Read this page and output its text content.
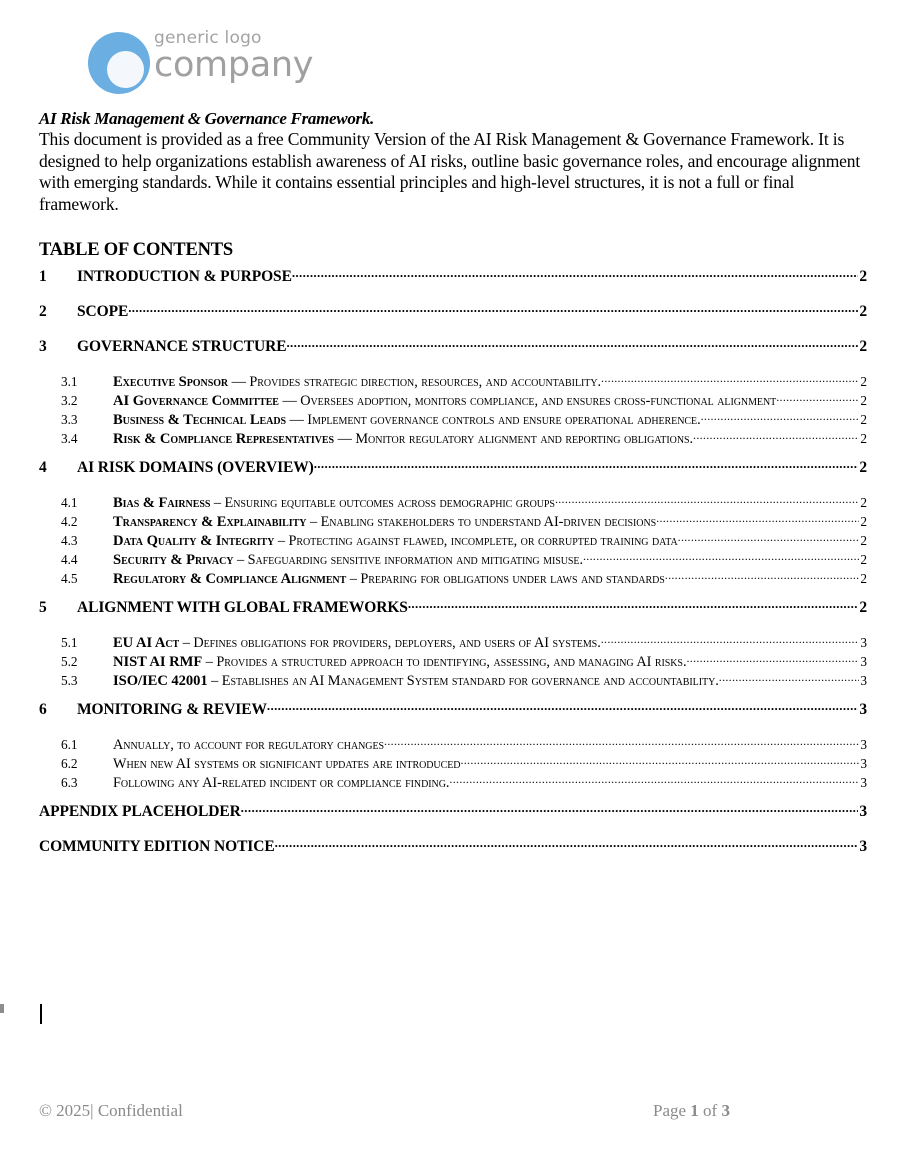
generic logo
company
AI Risk Management & Governance Framework.
This document is provided as a free Community Version of the AI Risk Management & Governance Framework. It is designed to help organizations establish awareness of AI risks, outline basic governance roles, and encourage alignment with emerging standards. While it contains essential principles and high-level structures, it is not a full or final framework.
TABLE OF CONTENTS
1	INTRODUCTION & PURPOSE .....	2
2	SCOPE .....	2
3	GOVERNANCE STRUCTURE .....	2
3.1	Executive Sponsor — Provides strategic direction, resources, and accountability. .....	2
3.2	AI Governance Committee — Oversees adoption, monitors compliance, and ensures cross-functional alignment .....	2
3.3	Business & Technical Leads — Implement governance controls and ensure operational adherence. .....	2
3.4	Risk & Compliance Representatives — Monitor regulatory alignment and reporting obligations. .....	2
4	AI RISK DOMAINS (OVERVIEW) .....	2
4.1	Bias & Fairness – Ensuring equitable outcomes across demographic groups .....	2
4.2	Transparency & Explainability – Enabling stakeholders to understand AI-driven decisions .....	2
4.3	Data Quality & Integrity – Protecting against flawed, incomplete, or corrupted training data .....	2
4.4	Security & Privacy – Safeguarding sensitive information and mitigating misuse. .....	2
4.5	Regulatory & Compliance Alignment – Preparing for obligations under laws and standards .....	2
5	ALIGNMENT WITH GLOBAL FRAMEWORKS .....	2
5.1	EU AI Act – Defines obligations for providers, deployers, and users of AI systems. .....	3
5.2	NIST AI RMF – Provides a structured approach to identifying, assessing, and managing AI risks. .....	3
5.3	ISO/IEC 42001 – Establishes an AI Management System standard for governance and accountability. .....	3
6	MONITORING & REVIEW .....	3
6.1	Annually, to account for regulatory changes .....	3
6.2	When new AI systems or significant updates are introduced .....	3
6.3	Following any AI-related incident or compliance finding. .....	3
APPENDIX PLACEHOLDER .....	3
COMMUNITY EDITION NOTICE .....	3
© 2025| Confidential	Page 1 of 3
